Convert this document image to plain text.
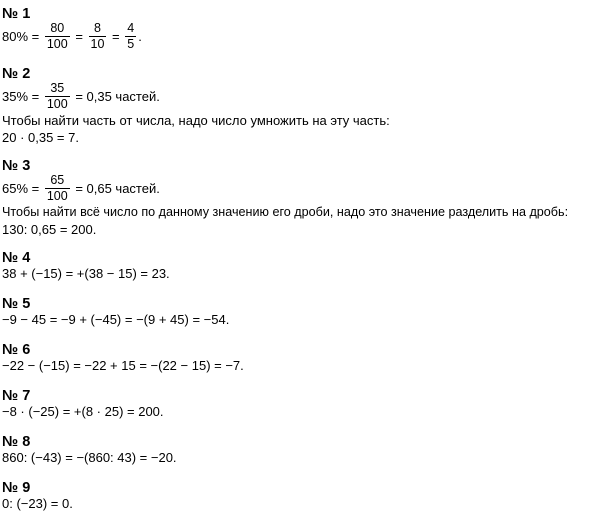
№ 1
$80\% = \frac{80}{100} = \frac{8}{10} = \frac{4}{5}$ .
№ 2
$35\% = \frac{35}{100} = 0,35$ частей.
Чтобы найти часть от числа, надо число умножить на эту часть:
20 · 0,35 = 7.
№ 3
$65\% = \frac{65}{100} = 0,65$ частей.
Чтобы найти всё число по данному значению его дроби, надо это значение разделить на дробь:
130: 0,65 = 200.
№ 4
38 + (−15) = +(38 − 15) = 23.
№ 5
−9 − 45 = −9 + (−45) = −(9 + 45) = −54.
№ 6
−22 − (−15) = −22 + 15 = −(22 − 15) = −7.
№ 7
−8 · (−25) = +(8 · 25) = 200.
№ 8
860: (−43) = −(860: 43) = −20.
№ 9
0: (−23) = 0.
